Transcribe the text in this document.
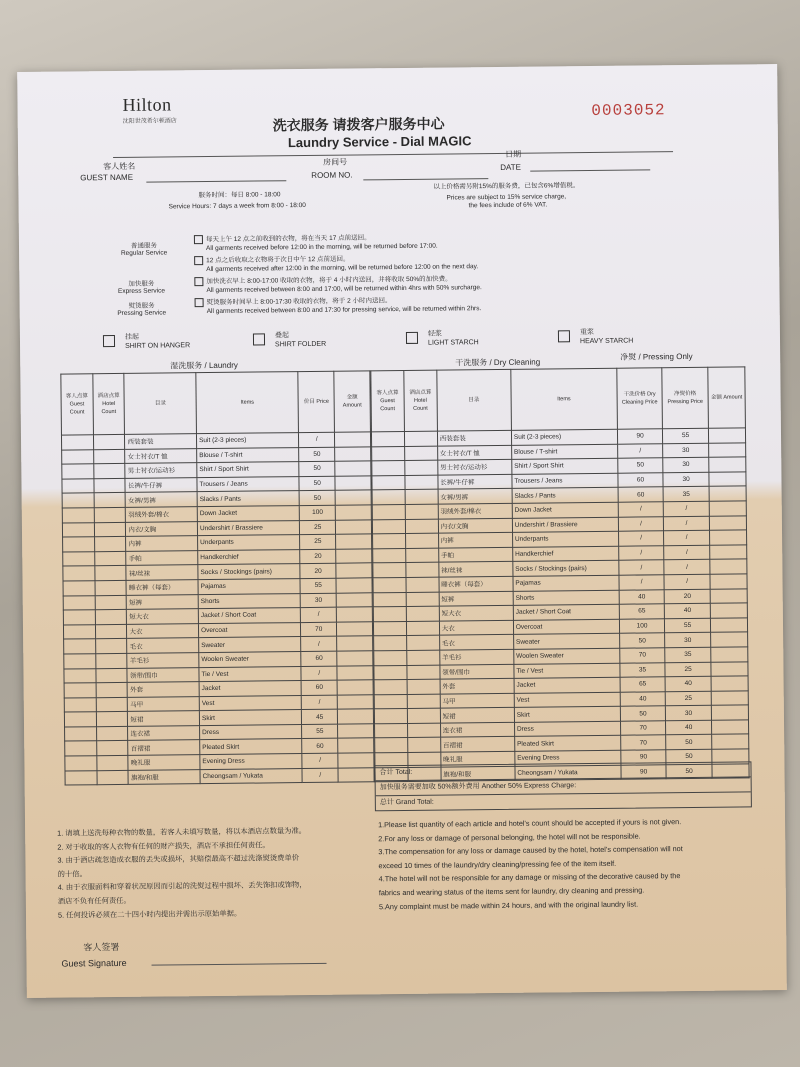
Hilton
沈阳世茂希尔顿酒店
0003052
洗衣服务 请拨客户服务中心
Laundry Service - Dial MAGIC
客人姓名
GUEST NAME
房间号
ROOM NO.
日期
DATE
服务时间：每日 8:00 - 18:00
Service Hours: 7 days a week from 8:00 - 18:00
以上价格需另附15%的服务费，已包含6%增值税。
Prices are subject to 15% service charge,
the fees include of 6% VAT.
普通服务
Regular Service
每天上午 12 点之前收到的衣物，将在当天 17 点前送回。
All garments received before 12:00 in the morning, will be returned before 17:00.
12 点之后收取之衣物将于次日中午 12 点前送回。
All garments received after 12:00 in the morning, will be returned before 12:00 on the next day.
加快服务
Express Service
加快洗衣早上 8:00-17:00 收取的衣物，将于 4 小时内送回，并将收取 50%的加快费。
All garments received between 8:00 and 17:00, will be returned within 4hrs with 50% surcharge.
熨烫服务
Pressing Service
熨烫服务时间早上 8:00-17:30 收取的衣物，将于 2 小时内送回。
All garments received between 8:00 and 17:30 for pressing service, will be returned within 2hrs.
挂起
SHIRT ON HANGER
叠起
SHIRT FOLDER
轻浆
LIGHT STARCH
重浆
HEAVY STARCH
湿洗服务 / Laundry	干洗服务 / Dry Cleaning
净熨 / Pressing Only
客人点算 Guest Count	酒店点算 Hotel Count	目录	Items	价目 Price	金额 Amount
		西装套装	Suit (2-3 pieces)	/	
		女士衬衣/T 恤	Blouse / T-shirt	50	
		男士衬衣/运动衫	Shirt / Sport Shirt	50	
		长裤/牛仔裤	Trousers / Jeans	50	
		女裤/男裤	Slacks / Pants	50	
		羽绒外套/棉衣	Down Jacket	100	
		内衣/文胸	Undershirt / Brassiere	25	
		内裤	Underpants	25	
		手帕	Handkerchief	20	
		袜/丝袜	Socks / Stockings (pairs)	20	
		睡衣裤（每套）	Pajamas	55	
		短裤	Shorts	30	
		短大衣	Jacket / Short Coat	/	
		大衣	Overcoat	70	
		毛衣	Sweater	/	
		羊毛衫	Woolen Sweater	60	
		领带/围巾	Tie / Vest	/	
		外套	Jacket	60	
		马甲	Vest	/	
		短裙	Skirt	45	
		连衣裙	Dress	55	
		百褶裙	Pleated Skirt	60	
		晚礼服	Evening Dress	/	
		旗袍/和服	Cheongsam / Yukata	/	
客人点算 Guest Count	酒店点算 Hotel Count	目录	Items	干洗价格 Dry Cleaning Price	净熨价格 Pressing Price	金额 Amount
		西装套装	Suit (2-3 pieces)	90	55	
		女士衬衣/T 恤	Blouse / T-shirt	/	30	
		男士衬衣/运动衫	Shirt / Sport Shirt	50	30	
		长裤/牛仔裤	Trousers / Jeans	60	30	
		女裤/男裤	Slacks / Pants	60	35	
		羽绒外套/棉衣	Down Jacket	/	/	
		内衣/文胸	Undershirt / Brassiere	/	/	
		内裤	Underpants	/	/	
		手帕	Handkerchief	/	/	
		袜/丝袜	Socks / Stockings (pairs)	/	/	
		睡衣裤（每套）	Pajamas	/	/	
		短裤	Shorts	40	20	
		短大衣	Jacket / Short Coat	65	40	
		大衣	Overcoat	100	55	
		毛衣	Sweater	50	30	
		羊毛衫	Woolen Sweater	70	35	
		领带/围巾	Tie / Vest	35	25	
		外套	Jacket	65	40	
		马甲	Vest	40	25	
		短裙	Skirt	50	30	
		连衣裙	Dress	70	40	
		百褶裙	Pleated Skirt	70	50	
		晚礼服	Evening Dress	90	50	
		旗袍/和服	Cheongsam / Yukata	90	50	
合计 Total:
加快服务需要加收 50%额外费用 Another 50% Express Charge:
总计 Grand Total:
1. 请填上送洗每种衣物的数量，若客人未填写数量，将以本酒店点数量为准。
2. 对于收取的客人衣物有任何的财产损失，酒店不承担任何责任。
3. 由于酒店疏忽造成衣服的丢失或损坏，其赔偿最高不超过洗涤熨烫费单价
的十倍。
4. 由于衣服面料和穿着状况原因而引起的洗熨过程中损坏、丢失饰扣或饰物，
酒店不负有任何责任。
5. 任何投诉必须在二十四小时内提出并需出示原始单据。
1.Please list quantity of each article and hotel's count should be accepted if yours is not given.
2.For any loss or damage of personal belonging, the hotel will not be responsible.
3.The compensation for any loss or damage caused by the hotel, hotel's compensation will not
exceed 10 times of the laundry/dry cleaning/pressing fee of the item itself.
4.The hotel will not be responsible for any damage or missing of the decorative caused by the
fabrics and wearing status of the items sent for laundry, dry cleaning and pressing.
5.Any complaint must be made within 24 hours, and with the original laundry list.
客人签署
Guest Signature
